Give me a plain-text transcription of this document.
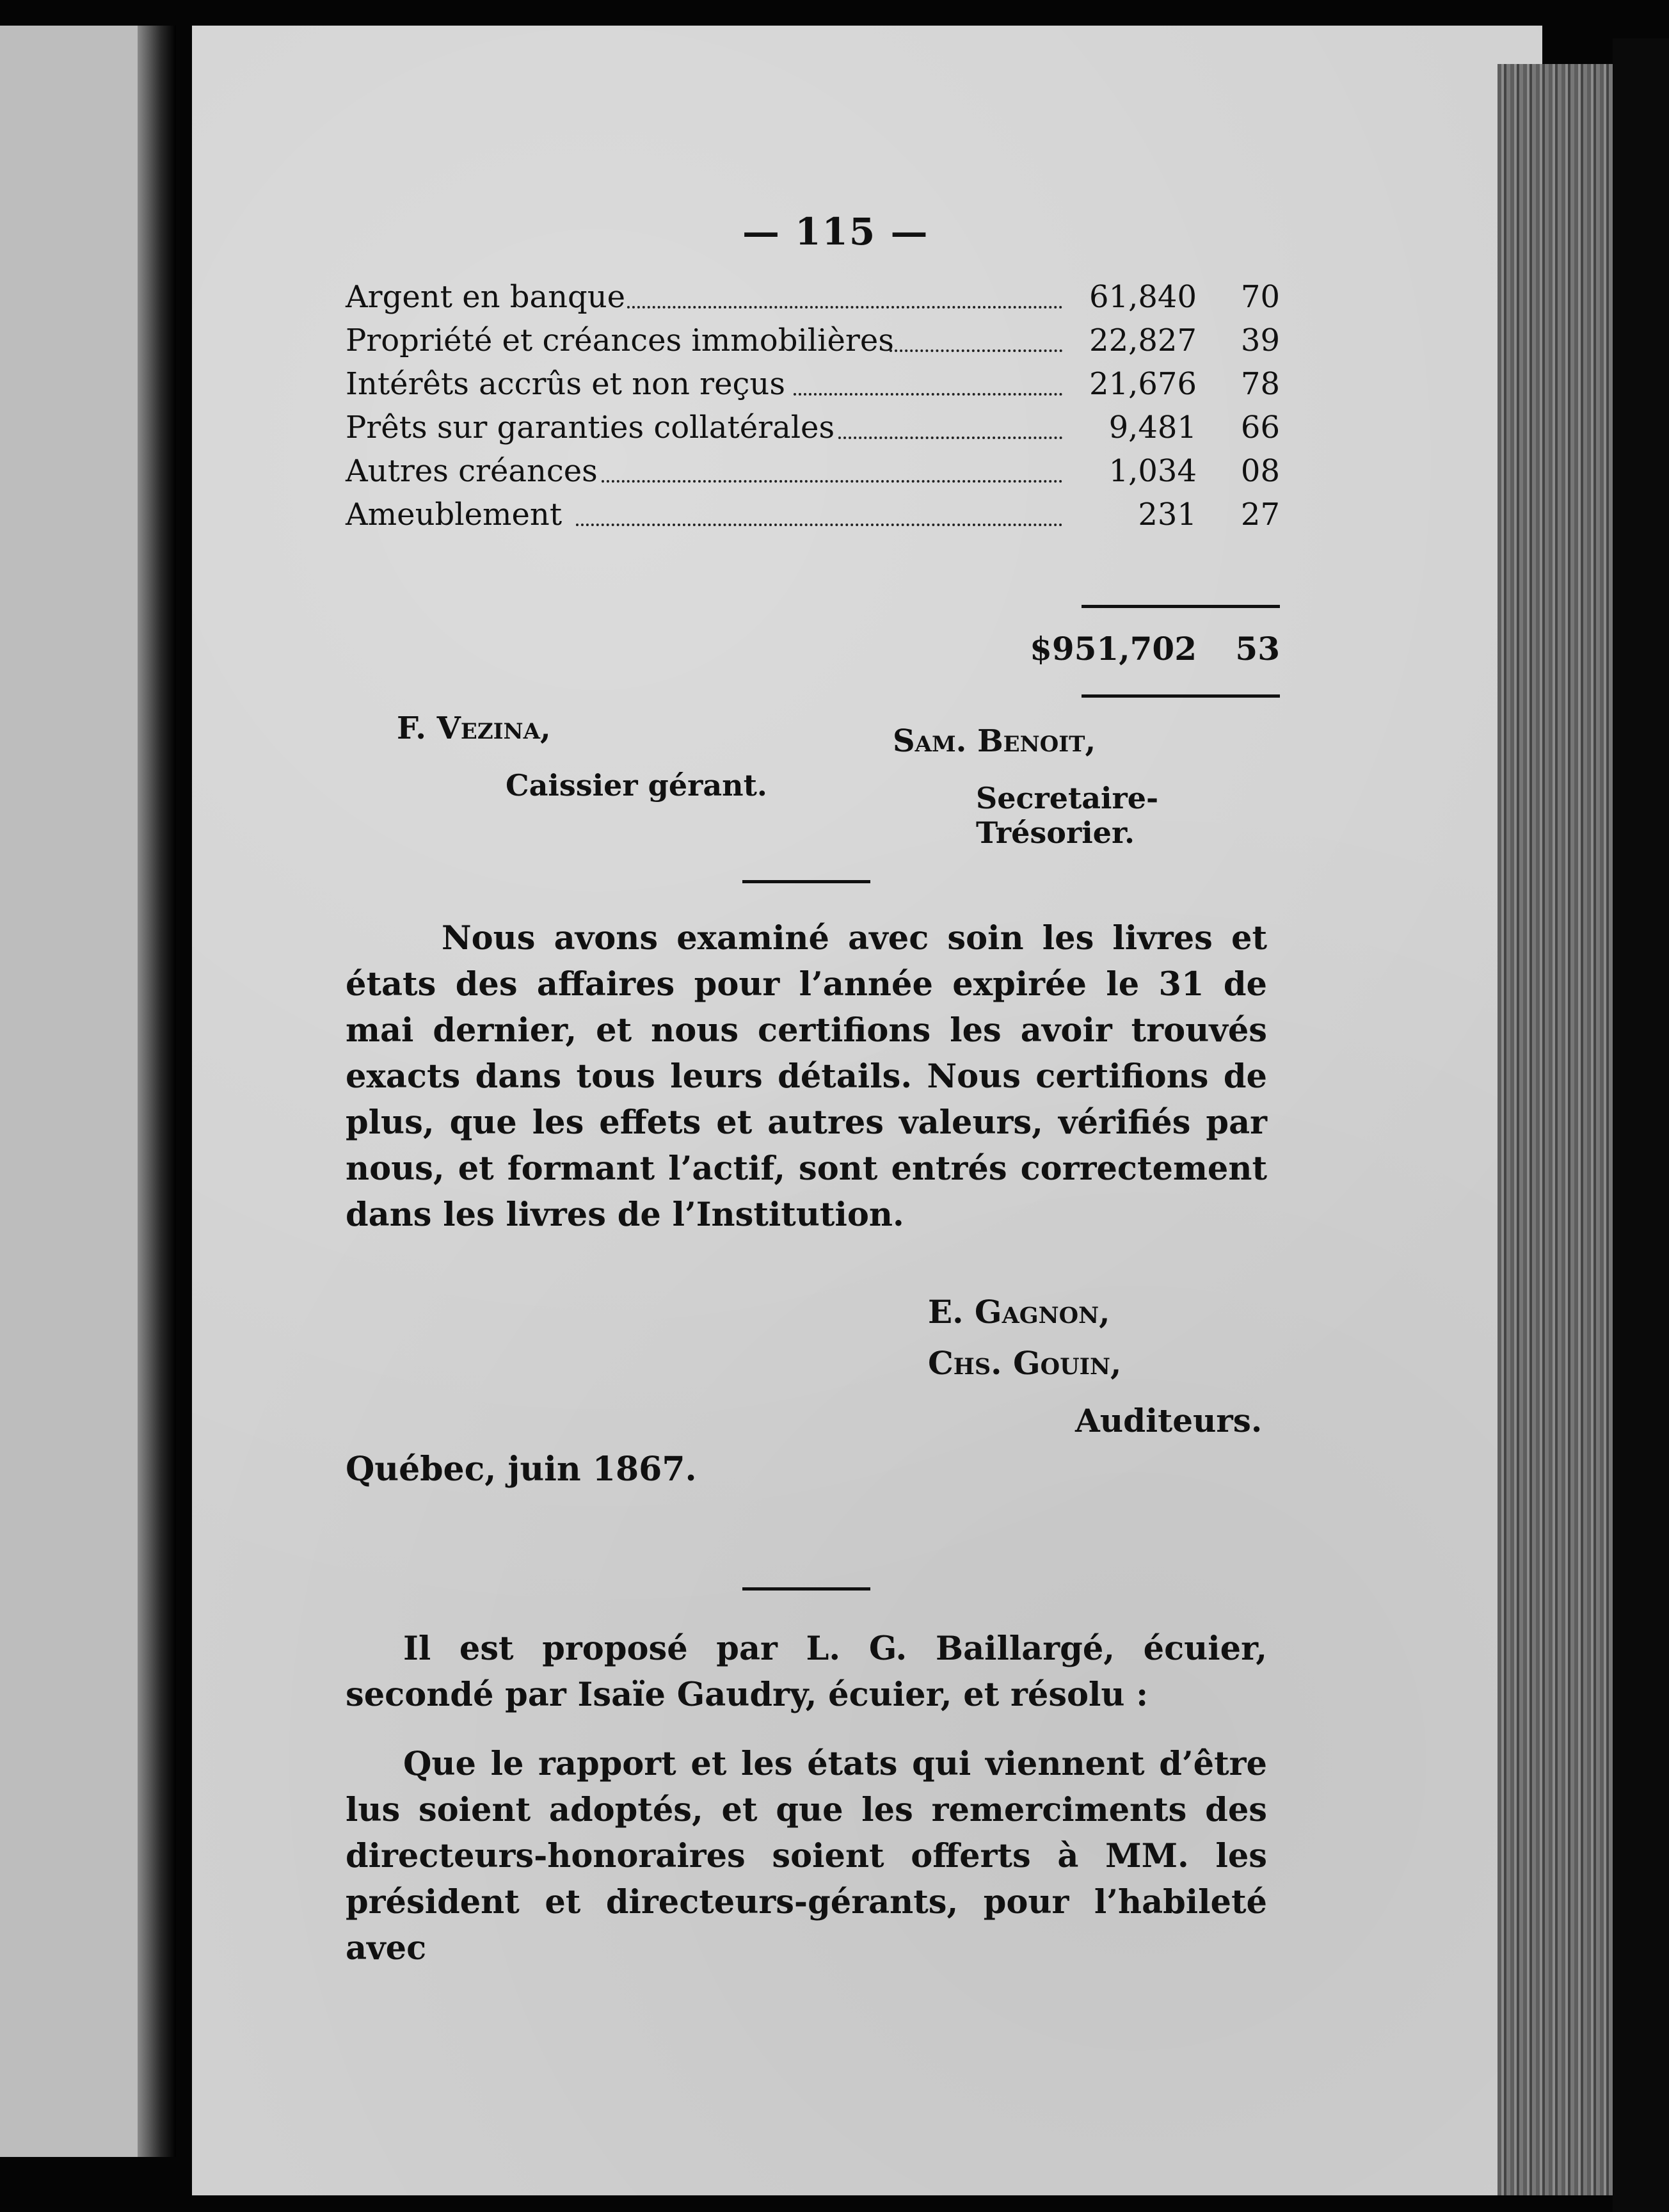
— 115 —
Argent en banque	61,840	70
Propriété et créances immobilières	22,827	39
Intérêts accrûs et non reçus	21,676	78
Prêts sur garanties collatérales	9,481	66
Autres créances	1,034	08
Ameublement	231	27
$951,702	53
F. Vezina,
Caissier gérant.
Sam. Benoit,
Secretaire-Trésorier.
Nous avons examiné avec soin les livres et états des affaires pour l’année expirée le 31 de mai dernier, et nous certifions les avoir trouvés exacts dans tous leurs détails. Nous certifions de plus, que les effets et autres valeurs, vérifiés par nous, et formant l’actif, sont entrés correctement dans les livres de l’Institution.
E. Gagnon,
Chs. Gouin,
Auditeurs.
Québec, juin 1867.
Il est proposé par L. G. Baillargé, écuier, secondé par Isaïe Gaudry, écuier, et résolu :
Que le rapport et les états qui viennent d’être lus soient adoptés, et que les remerciments des directeurs-honoraires soient offerts à MM. les président et directeurs-gérants, pour l’habileté avec
